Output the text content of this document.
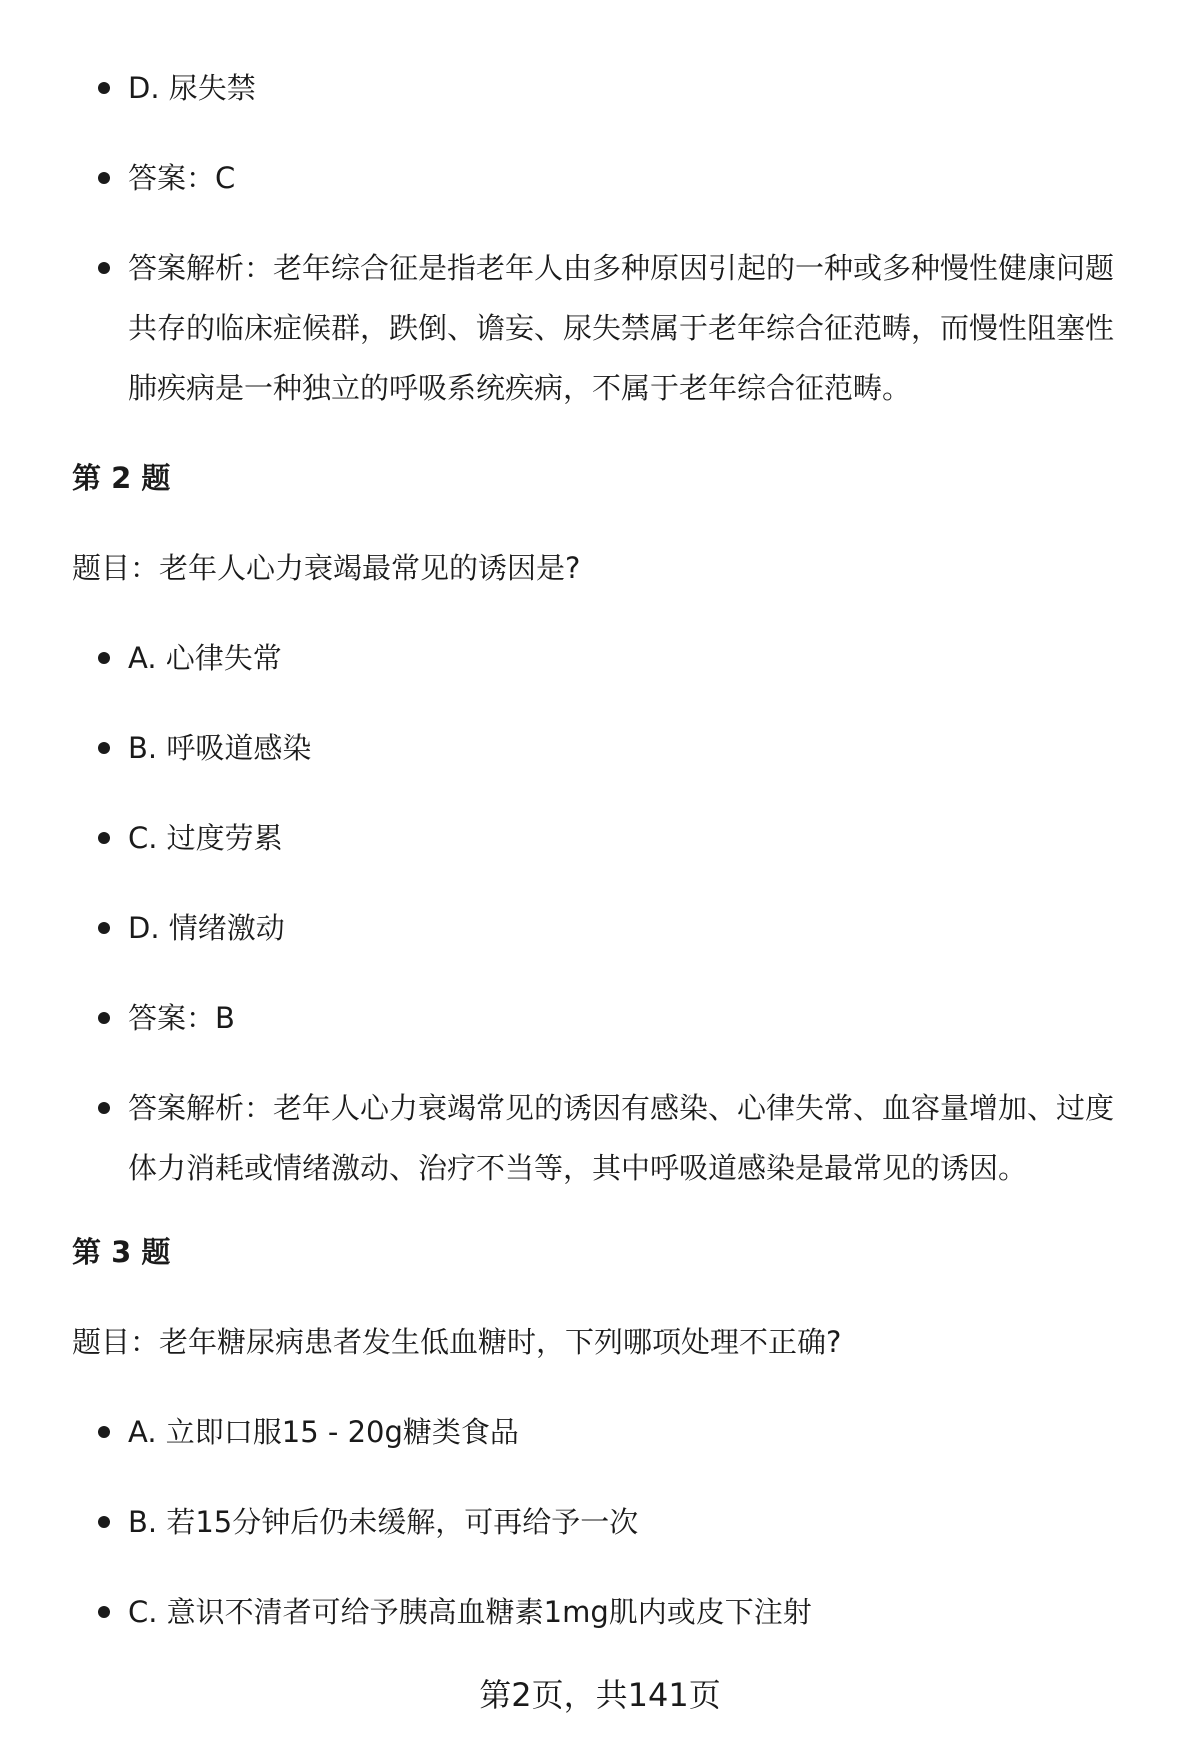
D. 尿失禁
答案：C
答案解析：老年综合征是指老年人由多种原因引起的一种或多种慢性健康问题
共存的临床症候群，跌倒、谵妄、尿失禁属于老年综合征范畴，而慢性阻塞性
肺疾病是一种独立的呼吸系统疾病，不属于老年综合征范畴。
第 2 题
题目：老年人心力衰竭最常见的诱因是?
A. 心律失常
B. 呼吸道感染
C. 过度劳累
D. 情绪激动
答案：B
答案解析：老年人心力衰竭常见的诱因有感染、心律失常、血容量增加、过度
体力消耗或情绪激动、治疗不当等，其中呼吸道感染是最常见的诱因。
第 3 题
题目：老年糖尿病患者发生低血糖时，下列哪项处理不正确?
A. 立即口服15 - 20g糖类食品
B. 若15分钟后仍未缓解，可再给予一次
C. 意识不清者可给予胰高血糖素1mg肌内或皮下注射
第2页，共141页
